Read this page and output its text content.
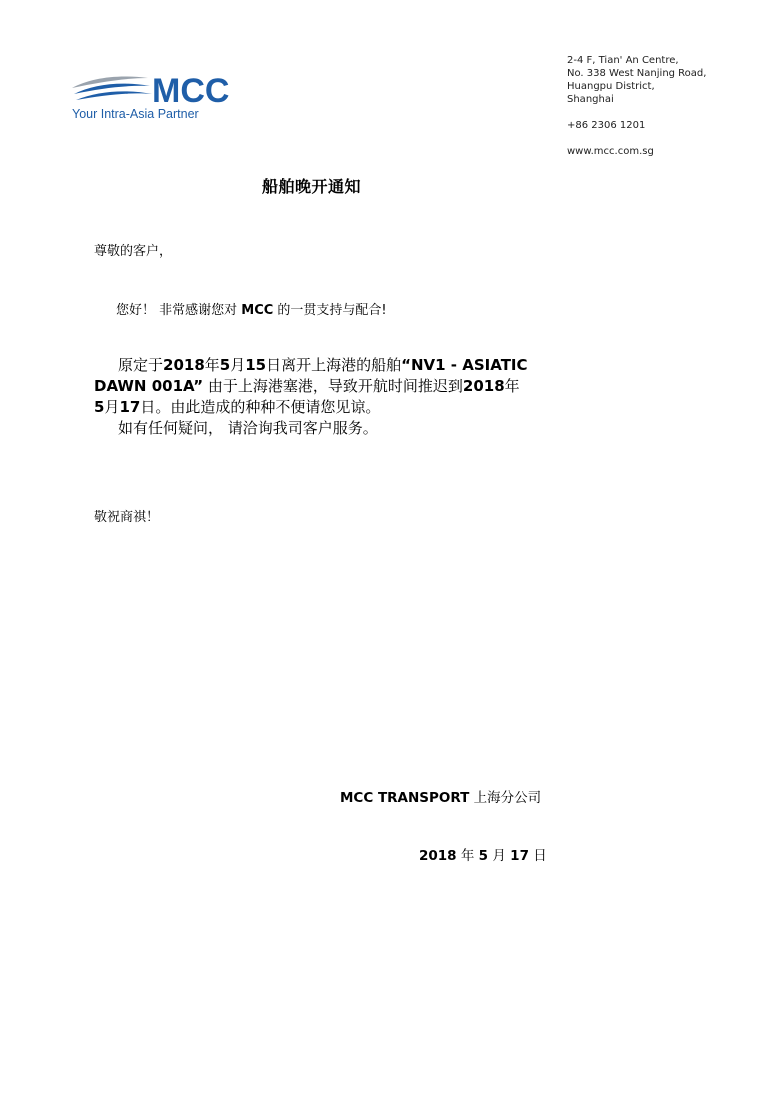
MCC
Your Intra-Asia Partner
2-4 F, Tian' An Centre,
No. 338 West Nanjing Road,
Huangpu District,
Shanghai
+86 2306 1201
www.mcc.com.sg
船舶晚开通知
尊敬的客户，
您好！ 非常感谢您对 MCC 的一贯支持与配合!
原定于2018年5月15日离开上海港的船舶“NV1 - ASIATIC
DAWN 001A” 由于上海港塞港，导致开航时间推迟到2018年
5月17日。由此造成的种种不便请您见谅。
如有任何疑问， 请洽询我司客户服务。
敬祝商祺！
MCC TRANSPORT 上海分公司
2018 年 5 月 17 日
